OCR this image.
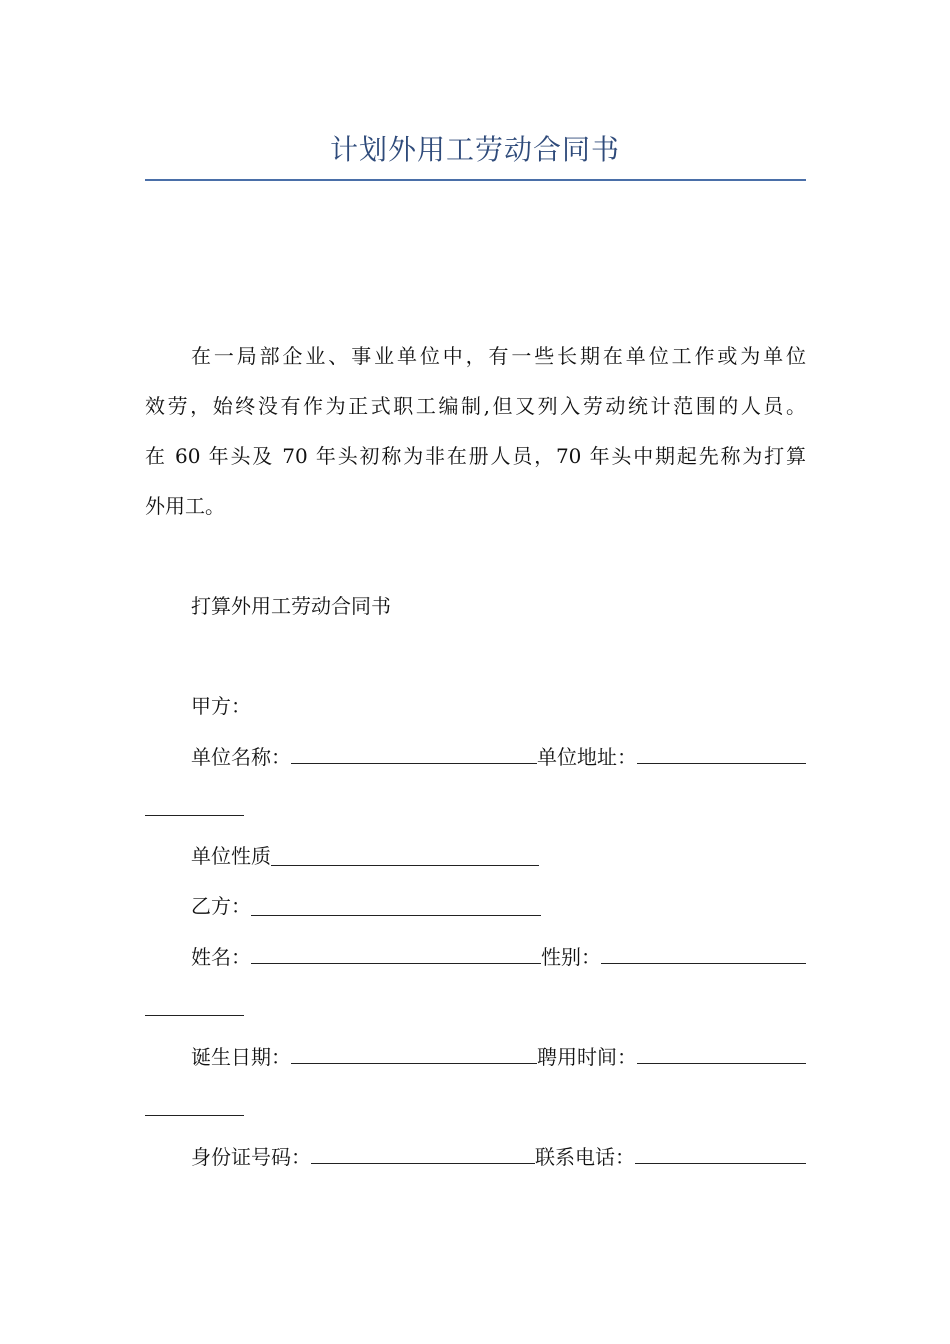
计划外用工劳动合同书
在一局部企业、事业单位中，有一些长期在单位工作或为单位
效劳，始终没有作为正式职工编制,但又列入劳动统计范围的人员。
在 60 年头及 70 年头初称为非在册人员，70 年头中期起先称为打算
外用工。
打算外用工劳动合同书
甲方：
单位名称：	单位地址：
单位性质
乙方：
姓名：	性别：
诞生日期：	聘用时间：
身份证号码：	联系电话：
